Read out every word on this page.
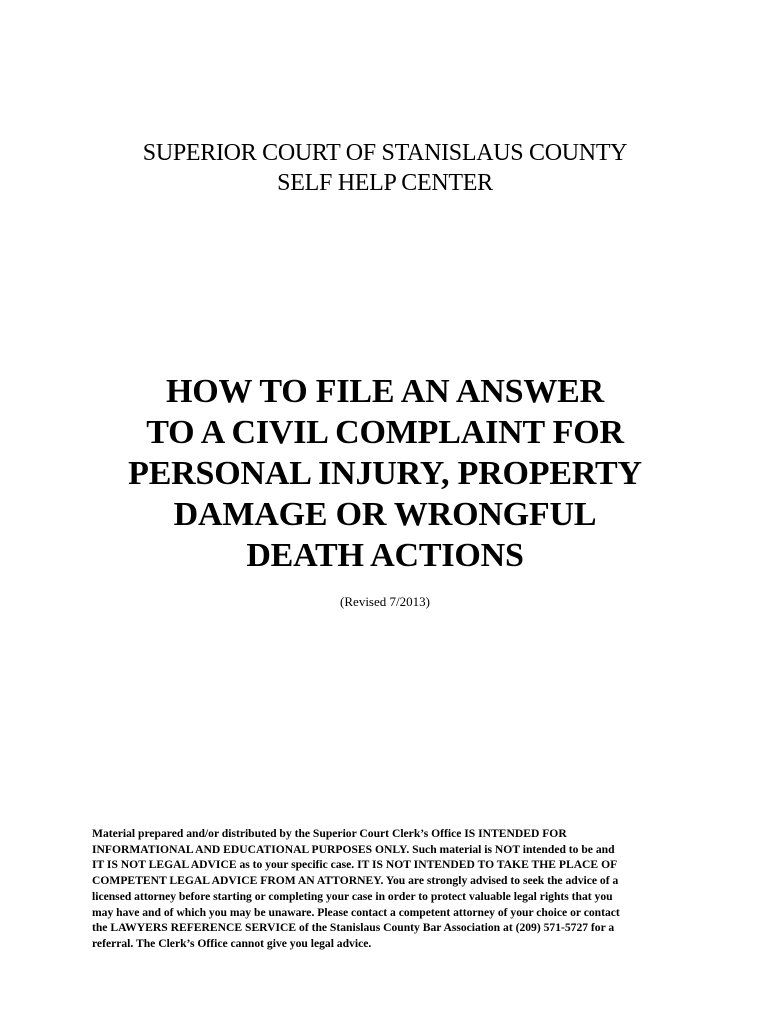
SUPERIOR COURT OF STANISLAUS COUNTY
SELF HELP CENTER
HOW TO FILE AN ANSWER
TO A CIVIL COMPLAINT FOR
PERSONAL INJURY, PROPERTY
DAMAGE OR WRONGFUL
DEATH ACTIONS
(Revised 7/2013)
Material prepared and/or distributed by the Superior Court Clerk’s Office IS INTENDED FOR
INFORMATIONAL AND EDUCATIONAL PURPOSES ONLY. Such material is NOT intended to be and
IT IS NOT LEGAL ADVICE as to your specific case. IT IS NOT INTENDED TO TAKE THE PLACE OF
COMPETENT LEGAL ADVICE FROM AN ATTORNEY. You are strongly advised to seek the advice of a
licensed attorney before starting or completing your case in order to protect valuable legal rights that you
may have and of which you may be unaware. Please contact a competent attorney of your choice or contact
the LAWYERS REFERENCE SERVICE of the Stanislaus County Bar Association at (209) 571-5727 for a
referral. The Clerk’s Office cannot give you legal advice.
